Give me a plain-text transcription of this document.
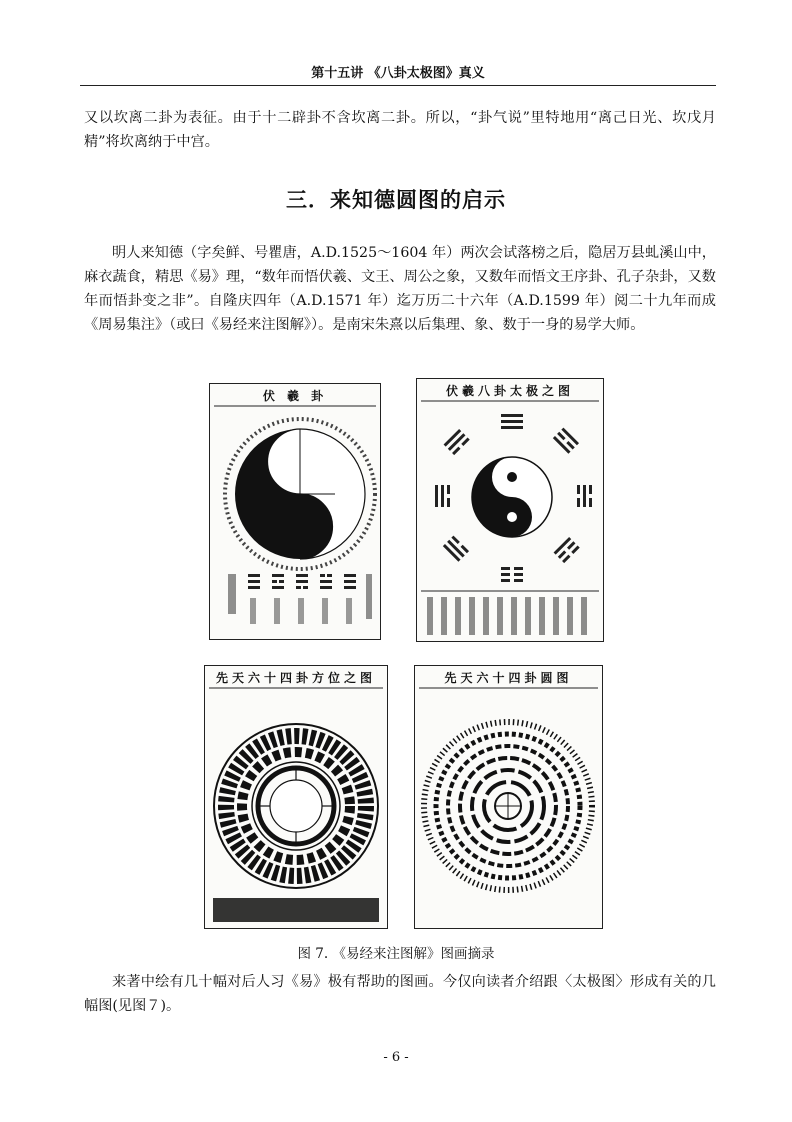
第十五讲 《八卦太极图》真义
又以坎离二卦为表征。由于十二辟卦不含坎离二卦。所以，“卦气说”里特地用“离己日光、坎戊月精”将坎离纳于中宫。
三．来知德圆图的启示
明人来知德（字矣鲜、号瞿唐，A.D.1525～1604 年）两次会试落榜之后，隐居万县虬溪山中，麻衣蔬食，精思《易》理，“数年而悟伏羲、文王、周公之象，又数年而悟文王序卦、孔子杂卦，又数年而悟卦变之非”。自隆庆四年（A.D.1571 年）迄万历二十六年（A.D.1599 年）阅二十九年而成《周易集注》（或曰《易经来注图解》）。是南宋朱熹以后集理、象、数于一身的易学大师。
伏 羲 卦	伏羲八卦太极之图
先天六十四卦方位之图	先天六十四卦圆图
图 7. 《易经来注图解》图画摘录
来著中绘有几十幅对后人习《易》极有帮助的图画。今仅向读者介绍跟〈太极图〉形成有关的几幅图(见图７)。
- 6 -
